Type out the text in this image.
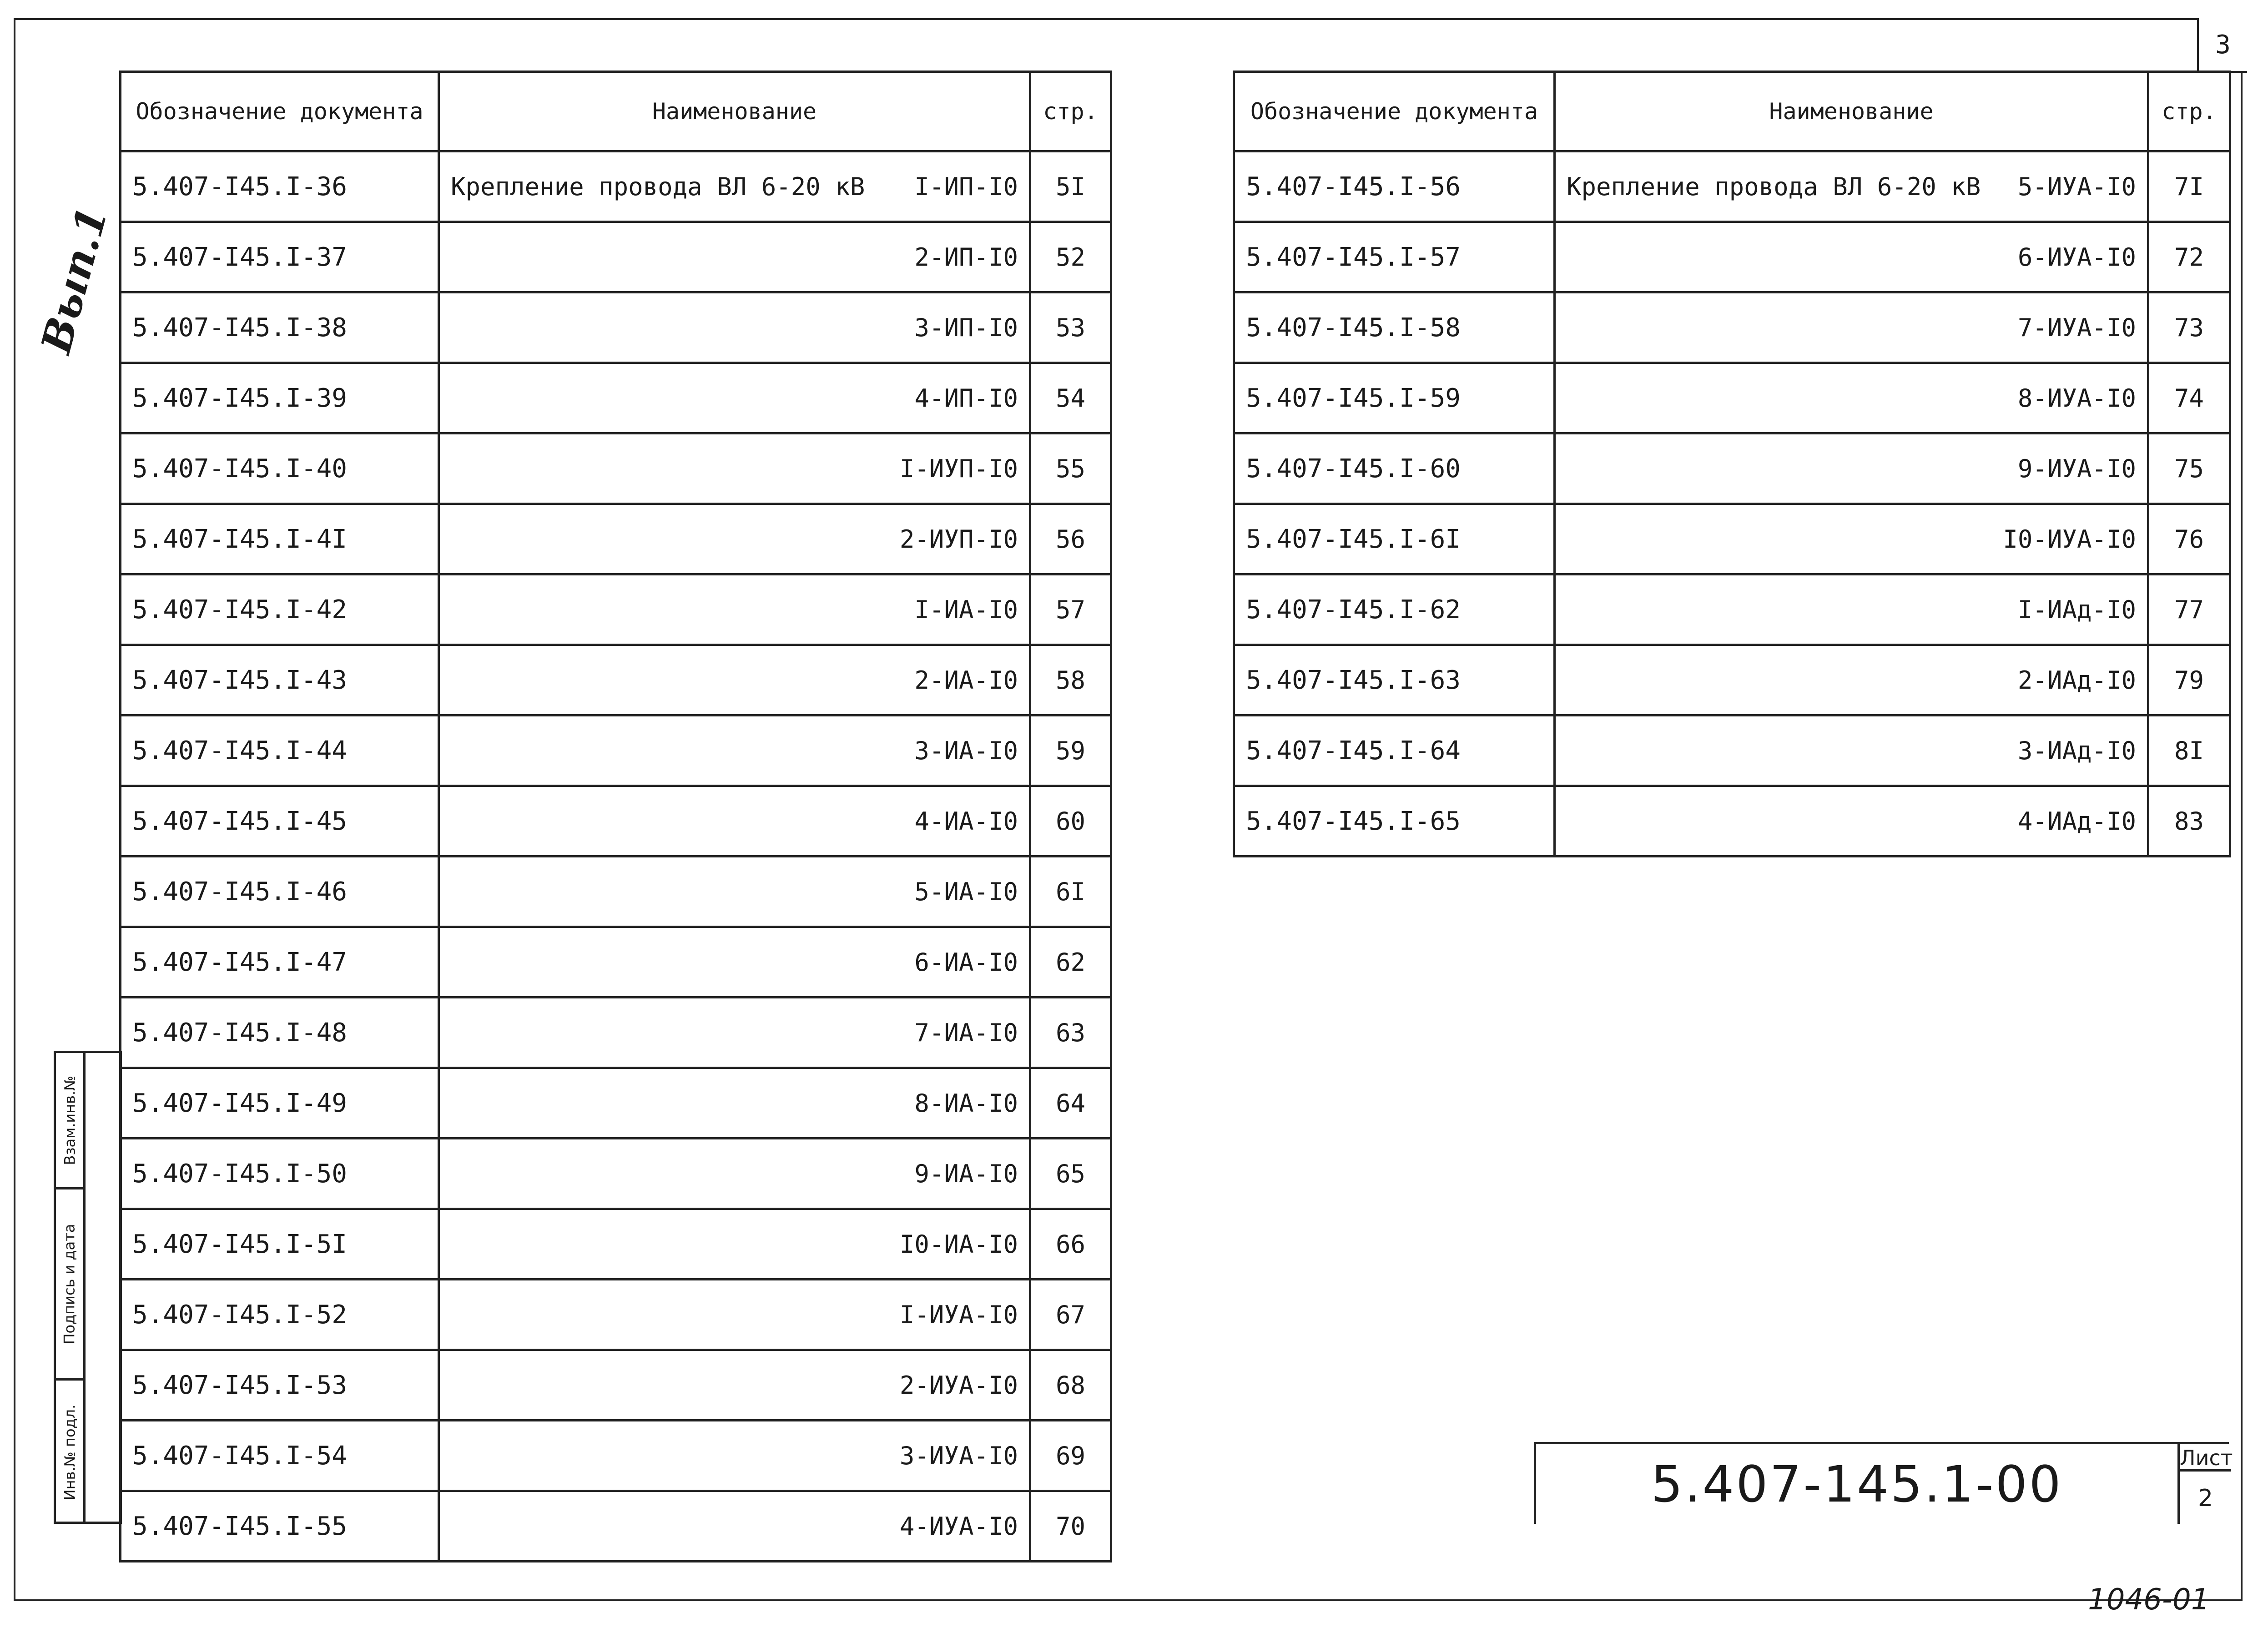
3
Вып.1
Обозначение документа	Наименование	стр.
5.407-I45.I-36	Крепление провода ВЛ 6-20 кВ I-ИП-I0	5I
5.407-I45.I-37	2-ИП-I0	52
5.407-I45.I-38	3-ИП-I0	53
5.407-I45.I-39	4-ИП-I0	54
5.407-I45.I-40	I-ИУП-I0	55
5.407-I45.I-4I	2-ИУП-I0	56
5.407-I45.I-42	I-ИА-I0	57
5.407-I45.I-43	2-ИА-I0	58
5.407-I45.I-44	3-ИА-I0	59
5.407-I45.I-45	4-ИА-I0	60
5.407-I45.I-46	5-ИА-I0	6I
5.407-I45.I-47	6-ИА-I0	62
5.407-I45.I-48	7-ИА-I0	63
5.407-I45.I-49	8-ИА-I0	64
5.407-I45.I-50	9-ИА-I0	65
5.407-I45.I-5I	I0-ИА-I0	66
5.407-I45.I-52	I-ИУА-I0	67
5.407-I45.I-53	2-ИУА-I0	68
5.407-I45.I-54	3-ИУА-I0	69
5.407-I45.I-55	4-ИУА-I0	70
Обозначение документа	Наименование	стр.
5.407-I45.I-56	Крепление провода ВЛ 6-20 кВ 5-ИУА-I0	7I
5.407-I45.I-57	6-ИУА-I0	72
5.407-I45.I-58	7-ИУА-I0	73
5.407-I45.I-59	8-ИУА-I0	74
5.407-I45.I-60	9-ИУА-I0	75
5.407-I45.I-6I	I0-ИУА-I0	76
5.407-I45.I-62	I-ИАд-I0	77
5.407-I45.I-63	2-ИАд-I0	79
5.407-I45.I-64	3-ИАд-I0	8I
5.407-I45.I-65	4-ИАд-I0	83
Взам.инв.№
Подпись и дата
Инв.№ подл.	5.407-145.1-00	Лист
2
1046-01
